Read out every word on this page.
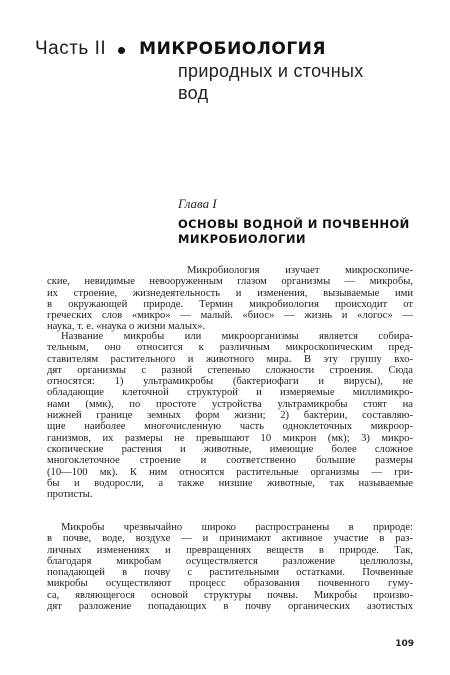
Часть II МИКРОБИОЛОГИЯ
природных и сточных
вод
Глава I
ОСНОВЫ ВОДНОЙ И ПОЧВЕННОЙ
МИКРОБИОЛОГИИ
Микробиология изучает микроскопиче-
ские, невидимые невооруженным глазом организмы — микробы,
их строение, жизнедеятельность и изменения, вызываемые ими
в окружающей природе. Термин микробиология происходит от
греческих слов «микро» — малый. «биос» — жизнь и «логос» —
наука, т. е. «наука о жизни малых».
Название микробы или микроорганизмы является собира-
тельным, оно относится к различным микроскопическим пред-
ставителям растительного и животного мира. В эту группу вхо-
дят организмы с разной степенью сложности строения. Сюда
относятся: 1) ультрамикробы (бактериофаги и вирусы), не
обладающие клеточной структурой и измеряемые миллимикро-
нами (ммк), по простоте устройства ультрамикробы стоят на
нижней границе земных форм жизни; 2) бактерии, составляю-
щие наиболее многочисленную часть одноклеточных микроор-
ганизмов, их размеры не превышают 10 микрон (мк); 3) микро-
скопические растения и животные, имеющие более сложное
многоклеточное строение и соответственно большие размеры
(10—100 мк). К ним относятся растительные организмы — гри-
бы и водоросли, а также низшие животные, так называемые
протисты.
Микробы чрезвычайно широко распространены в природе:
в почве, воде, воздухе — и принимают активное участие в раз-
личных изменениях и превращениях веществ в природе. Так,
благодаря микробам осуществляется разложение целлюлозы,
попадающей в почву с растительными остатками. Почвенные
микробы осуществляют процесс образования почвенного гуму-
са, являющегося основой структуры почвы. Микробы произво-
дят разложение попадающих в почву органических азотистых
109
